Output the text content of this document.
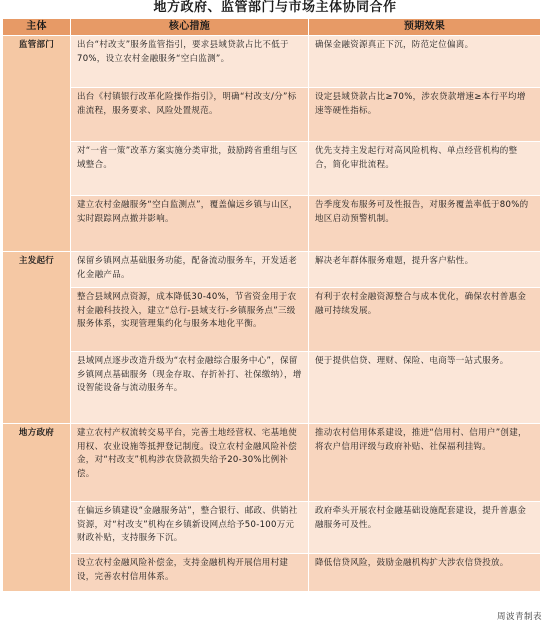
地方政府、监管部门与市场主体协同合作
主体	核心措施	预期效果
监管部门	出台“村改支”服务监管指引，要求县域贷款占比不低于70%，设立农村金融服务“空白监测”。	确保金融资源真正下沉，防范定位偏离。
	出台《村镇银行改革化险操作指引》，明确“村改支/分”标准流程，服务要求、风险处置规范。	设定县域贷款占比≥70%，涉农贷款增速≥本行平均增速等硬性指标。
	对“一省一策”改革方案实施分类审批，鼓励跨省重组与区域整合。	优先支持主发起行对高风险机构、单点经营机构的整合，简化审批流程。
	建立农村金融服务“空白监测点”，覆盖偏远乡镇与山区，实时跟踪网点撤并影响。	告季度发布服务可及性报告，对服务覆盖率低于80%的地区启动预警机制。
主发起行	保留乡镇网点基础服务功能，配备流动服务车，开发适老化金融产品。	解决老年群体服务难题，提升客户粘性。
	整合县域网点资源，成本降低30-40%，节省资金用于农村金融科技投入，建立“总行-县域支行-乡镇服务点”三级服务体系，实现管理集约化与服务本地化平衡。	有利于农村金融资源整合与成本优化，确保农村普惠金融可持续发展。
	县域网点逐步改造升级为“农村金融综合服务中心”，保留乡镇网点基础服务（现金存取、存折补打、社保缴纳），增设智能设备与流动服务车。	便于提供信贷、理财、保险、电商等一站式服务。
地方政府	建立农村产权流转交易平台，完善土地经营权、宅基地使用权、农业设施等抵押登记制度。设立农村金融风险补偿金，对“村改支”机构涉农贷款损失给予20-30%比例补偿。	推动农村信用体系建设，推进“信用村、信用户”创建，将农户信用评级与政府补贴、社保福利挂钩。
	在偏远乡镇建设“金融服务站”，整合银行、邮政、供销社资源，对“村改支”机构在乡镇新设网点给予50-100万元财政补贴，支持服务下沉。	政府牵头开展农村金融基础设施配套建设，提升普惠金融服务可及性。
	设立农村金融风险补偿金，支持金融机构开展信用村建设，完善农村信用体系。	降低信贷风险，鼓励金融机构扩大涉农信贷投放。
周波青制表
